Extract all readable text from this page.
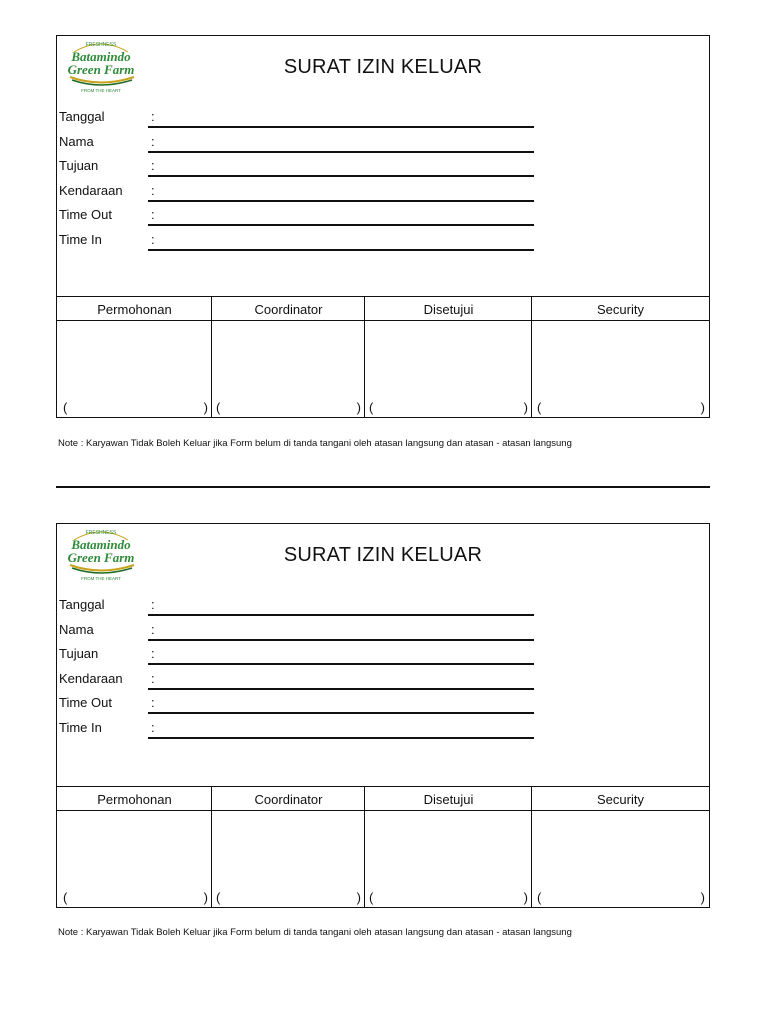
FRESHNESS
Batamindo
Green Farm
FROM THE HEART
SURAT IZIN KELUAR
Tanggal	:
Nama	:
Tujuan	:
Kendaraan :
Time Out	:
Time In	:
Permohonan	Coordinator	Disetujui	Security
(	) (	) (	) (	)
Note : Karyawan Tidak Boleh Keluar jika Form belum di tanda tangani oleh atasan langsung dan atasan - atasan langsung
FRESHNESS
Batamindo
Green Farm
FROM THE HEART
SURAT IZIN KELUAR
Tanggal	:
Nama	:
Tujuan	:
Kendaraan :
Time Out	:
Time In	:
Permohonan	Coordinator	Disetujui	Security
(	) (	) (	) (	)
Note : Karyawan Tidak Boleh Keluar jika Form belum di tanda tangani oleh atasan langsung dan atasan - atasan langsung
